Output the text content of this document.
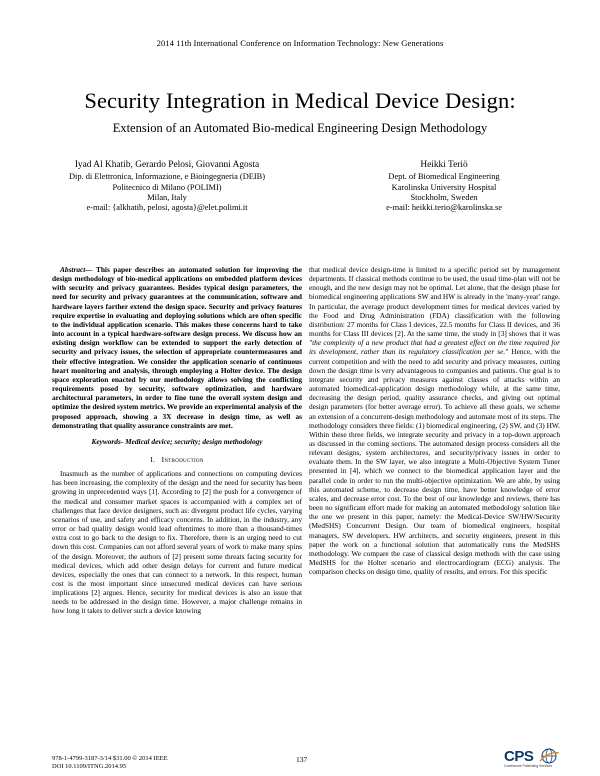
2014 11th International Conference on Information Technology: New Generations
Security Integration in Medical Device Design:
Extension of an Automated Bio-medical Engineering Design Methodology
Iyad Al Khatib, Gerardo Pelosi, Giovanni Agosta
Dip. di Elettronica, Informazione, e Bioingegneria (DEIB)
Politecnico di Milano (POLIMI)
Milan, Italy
e-mail: {alkhatib, pelosi, agosta}@elet.polimi.it
Heikki Teriö
Dept. of Biomedical Engineering
Karolinska University Hospital
Stockholm, Sweden
e-mail: heikki.terio@karolinska.se

Abstract— This paper describes an automated solution for improving the design methodology of bio-medical applications on embedded platform devices with security and privacy guarantees. Besides typical design parameters, the need for security and privacy guarantees at the communication, software and hardware layers farther extend the design space. Security and privacy features require expertise in evaluating and deploying solutions which are often specific to the individual application scenario. This makes these concerns hard to take into account in a typical hardware-software design process. We discuss how an existing design workflow can be extended to support the early detection of security and privacy issues, the selection of appropriate countermeasures and their effective integration. We consider the application scenario of continuous heart monitoring and analysis, through employing a Holter device. The design space exploration enacted by our methodology allows solving the conflicting requirements posed by security, software optimization, and hardware architectural parameters, in order to fine tune the overall system design and optimize the desired system metrics. We provide an experimental analysis of the proposed approach, showing a 3X decrease in design time, as well as demonstrating that quality assurance constraints are met.

Keywords- Medical device; security; design methodology

I. Introduction

Inasmuch as the number of applications and connections on computing devices has been increasing, the complexity of the design and the need for security has been growing in unprecedented ways [1]. According to [2] the push for a convergence of the medical and consumer market spaces is accompanied with a complex set of challenges that face device designers, such as: divergent product life cycles, varying scenarios of use, and safety and efficacy concerns. In addition, in the industry, any error or bad quality design would lead oftentimes to more than a thousand-times extra cost to go back to the design to fix. Therefore, there is an urging need to cut down this cost. Companies can not afford several years of work to make many spins of the design. Moreover, the authors of [2] present some threats facing security for medical devices, which add other design delays for current and future medical devices, especially the ones that can connect to a network. In this respect, human cost is the most important since unsecured medical devices can have serious implications [2] argues. Hence, security for medical devices is also an issue that needs to be addressed in the design time. However, a major challenge remains in how long it takes to deliver such a device knowing

that medical device design-time is limited to a specific period set by management departments. If classical methods continue to be used, the usual time-plan will not be enough, and the new design may not be optimal. Let alone, that the design phase for biomedical engineering applications SW and HW is already in the 'many-year' range. In particular, the average product development times for medical devices varied by the Food and Drug Administration (FDA) classification with the following distribution: 27 months for Class I devices, 22.5 months for Class II devices, and 36 months for Class III devices [2]. At the same time, the study in [3] shows that it was "the complexity of a new product that had a greatest effect on the time required for its development, rather than its regulatory classification per se." Hence, with the current competition and with the need to add security and privacy measures, cutting down the design time is very advantageous to companies and patients. Our goal is to integrate security and privacy measures against classes of attacks within an automated biomedical-application design methodology while, at the same time, decreasing the design period, quality assurance checks, and giving out optimal design parameters (for better average error). To achieve all these goals, we scheme an extension of a concurrent-design methodology and automate most of its steps. The methodology considers three fields: (1) biomedical engineering, (2) SW, and (3) HW. Within these three fields, we integrate security and privacy in a top-down approach as discussed in the coming sections. The automated design process considers all the relevant designs, system architectures, and security/privacy issues in order to evaluate them. In the SW layer, we also integrate a Multi-Objective System Tuner presented in [4], which we connect to the biomedical application layer and the parallel code in order to run the multi-objective optimization. We are able, by using this automated scheme, to decrease design time, have better knowledge of error scales, and decrease error cost. To the best of our knowledge and reviews, there has been no significant effort made for making an automated methodology solution like the one we present in this paper, namely: the Medical-Device SW/HW/Security (MedSHS) Concurrent Design. Our team of biomedical engineers, hospital managers, SW developers, HW architects, and security engineers, present in this paper the work on a functional solution that automatically runs the MedSHS methodology. We compare the case of classical design methods with the case using MedSHS for the Holter scenario and electrocardiogram (ECG) analysis. The comparison checks on design time, quality of results, and errors. For this specific

978-1-4799-3187-3/14 $31.00 © 2014 IEEE
DOI 10.1109/ITNG.2014.95
137	CPS
Conference Publishing Services
